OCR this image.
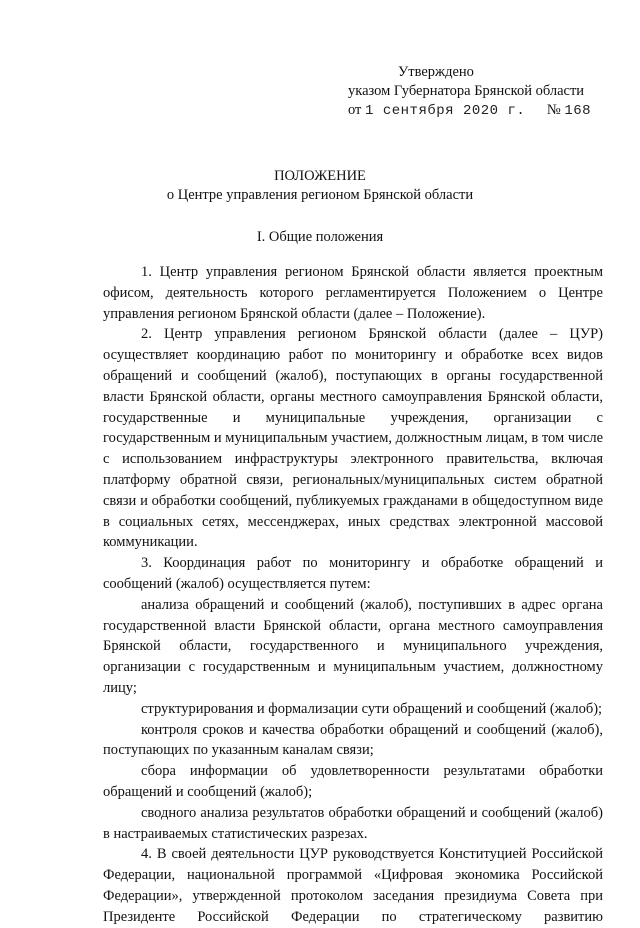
Утверждено
указом Губернатора Брянской области
от 1 сентября 2020 г. № 168
ПОЛОЖЕНИЕ
о Центре управления регионом Брянской области
I. Общие положения

1. Центр управления регионом Брянской области является проектным офисом, деятельность которого регламентируется Положением о Центре управления регионом Брянской области (далее – Положение).

2. Центр управления регионом Брянской области (далее – ЦУР) осуществляет координацию работ по мониторингу и обработке всех видов обращений и сообщений (жалоб), поступающих в органы государственной власти Брянской области, органы местного самоуправления Брянской области, государственные и муниципальные учреждения, организации с государственным и муниципальным участием, должностным лицам, в том числе с использованием инфраструктуры электронного правительства, включая платформу обратной связи, региональных/муниципальных систем обратной связи и обработки сообщений, публикуемых гражданами в общедоступном виде в социальных сетях, мессенджерах, иных средствах электронной массовой коммуникации.

3. Координация работ по мониторингу и обработке обращений и сообщений (жалоб) осуществляется путем:

анализа обращений и сообщений (жалоб), поступивших в адрес органа государственной власти Брянской области, органа местного самоуправления Брянской области, государственного и муниципального учреждения, организации с государственным и муниципальным участием, должностному лицу;

структурирования и формализации сути обращений и сообщений (жалоб);

контроля сроков и качества обработки обращений и сообщений (жалоб), поступающих по указанным каналам связи;

сбора информации об удовлетворенности результатами обработки обращений и сообщений (жалоб);

сводного анализа результатов обработки обращений и сообщений (жалоб) в настраиваемых статистических разрезах.

4. В своей деятельности ЦУР руководствуется Конституцией Российской Федерации, национальной программой «Цифровая экономика Российской Федерации», утвержденной протоколом заседания президиума Совета при Президенте Российской Федерации по стратегическому развитию
